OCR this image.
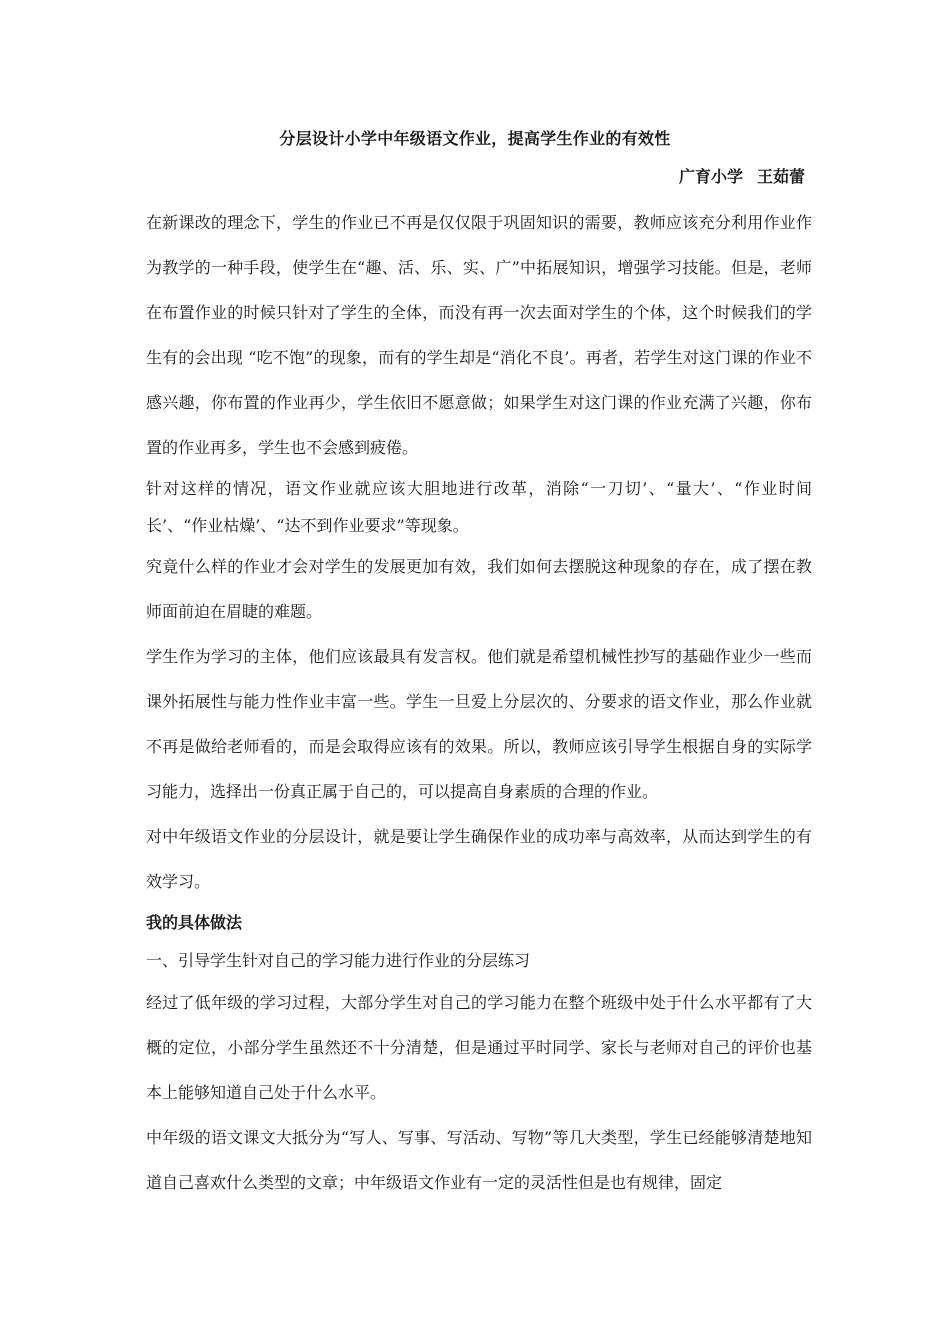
分层设计小学中年级语文作业，提高学生作业的有效性
广育小学 王茹蕾

在新课改的理念下，学生的作业已不再是仅仅限于巩固知识的需要，教师应该充分利用作业作为教学的一种手段，使学生在“趣、活、乐、实、广”中拓展知识，增强学习技能。但是，老师在布置作业的时候只针对了学生的全体，而没有再一次去面对学生的个体，这个时候我们的学生有的会出现 “吃不饱”的现象，而有的学生却是“消化不良’。再者，若学生对这门课的作业不感兴趣，你布置的作业再少，学生依旧不愿意做；如果学生对这门课的作业充满了兴趣，你布置的作业再多，学生也不会感到疲倦。

针对这样的情况，语文作业就应该大胆地进行改革，消除“一刀切’、“量大’、“作业时间长’、“作业枯燥’、“达不到作业要求”等现象。

究竟什么样的作业才会对学生的发展更加有效，我们如何去摆脱这种现象的存在，成了摆在教师面前迫在眉睫的难题。

学生作为学习的主体，他们应该最具有发言权。他们就是希望机械性抄写的基础作业少一些而课外拓展性与能力性作业丰富一些。学生一旦爱上分层次的、分要求的语文作业，那么作业就不再是做给老师看的，而是会取得应该有的效果。所以，教师应该引导学生根据自身的实际学习能力，选择出一份真正属于自己的，可以提高自身素质的合理的作业。

对中年级语文作业的分层设计，就是要让学生确保作业的成功率与高效率，从而达到学生的有效学习。

我的具体做法

一、引导学生针对自己的学习能力进行作业的分层练习

经过了低年级的学习过程，大部分学生对自己的学习能力在整个班级中处于什么水平都有了大概的定位，小部分学生虽然还不十分清楚，但是通过平时同学、家长与老师对自己的评价也基本上能够知道自己处于什么水平。

中年级的语文课文大抵分为“写人、写事、写活动、写物”等几大类型，学生已经能够清楚地知道自己喜欢什么类型的文章；中年级语文作业有一定的灵活性但是也有规律，固定
